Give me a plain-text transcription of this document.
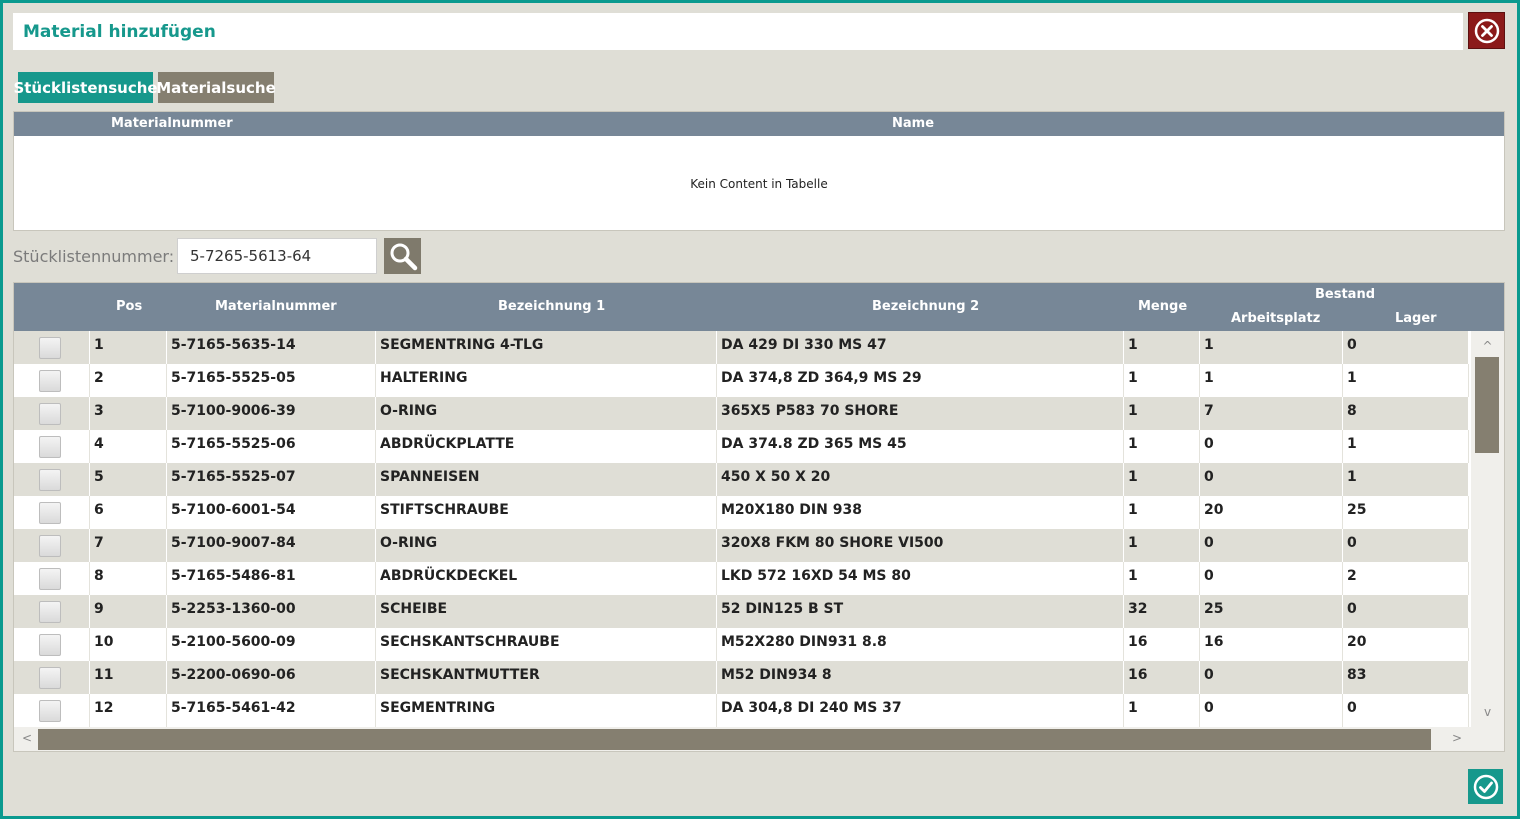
Material hinzufügen
Stücklistensuche
Materialsuche
Materialnummer	Name
Kein Content in Tabelle
Stücklistennummer:
5-7265-5613-64
Pos	Materialnummer	Bezeichnung 1	Bezeichnung 2	Menge
Bestand
Arbeitsplatz	Lager
1	5-7165-5635-14	SEGMENTRING 4-TLG	DA 429 DI 330 MS 47	1	1	0
2	5-7165-5525-05	HALTERING	DA 374,8 ZD 364,9 MS 29	1	1	1
3	5-7100-9006-39	O-RING	365X5 P583 70 SHORE	1	7	8
4	5-7165-5525-06	ABDRÜCKPLATTE	DA 374.8 ZD 365 MS 45	1	0	1
5	5-7165-5525-07	SPANNEISEN	450 X 50 X 20	1	0	1
6	5-7100-6001-54	STIFTSCHRAUBE	M20X180 DIN 938	1	20	25
7	5-7100-9007-84	O-RING	320X8 FKM 80 SHORE VI500	1	0	0
8	5-7165-5486-81	ABDRÜCKDECKEL	LKD 572 16XD 54 MS 80	1	0	2
9	5-2253-1360-00	SCHEIBE	52 DIN125 B ST	32	25	0
10	5-2100-5600-09	SECHSKANTSCHRAUBE	M52X280 DIN931 8.8	16	16	20
11	5-2200-0690-06	SECHSKANTMUTTER	M52 DIN934 8	16	0	83
12	5-7165-5461-42	SEGMENTRING	DA 304,8 DI 240 MS 37	1	0	0
^
v
<	>
